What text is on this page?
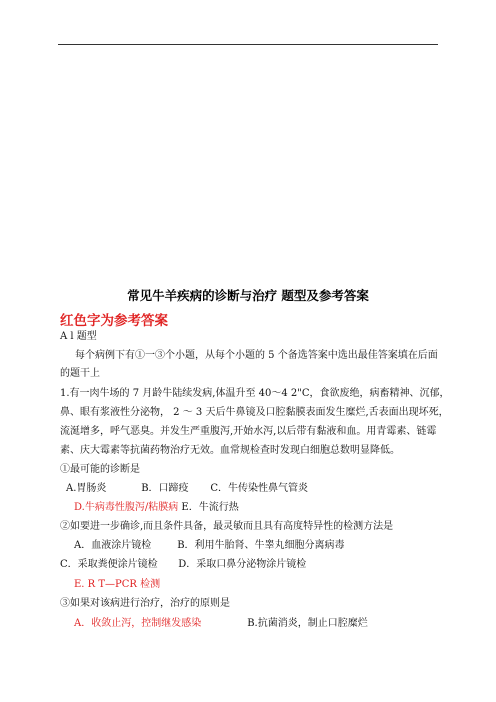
常见牛羊疾病的诊断与治疗 题型及参考答案
红色字为参考答案
A l 题型
每个病例下有①一③个小题，从每个小题的 5 个备选答案中选出最佳答案填在后面
的题干上
1.有一肉牛场的 7 月龄牛陆续发病,体温升至 40～4 2"C，食欲废绝，病畜精神、沉郁，
鼻、眼有浆液性分泌物， 2 ～ 3 天后牛鼻镜及口腔黏膜表面发生糜烂,舌表面出现坏死，
流涎增多，呼气恶臭。并发生严重腹泻,开始水泻,以后带有黏液和血。用青霉素、链霉
素、庆大霉素等抗菌药物治疗无效。血常规检查时发现白细胞总数明显降低。
①最可能的诊断是
A.胃肠炎	B．口蹄疫 C．牛传染性鼻气管炎
D.牛病毒性腹泻/粘膜病 E．牛流行热
②如要进一步确诊,而且条件具备，最灵敏而且具有高度特异性的检测方法是
A．血液涂片镜检	B．利用牛胎肾、牛睾丸细胞分离病毒
C．采取粪便涂片镜检 D．采取口鼻分泌物涂片镜检
E. R T—PCR 检测
③如果对该病进行治疗，治疗的原则是
A．收敛止泻，控制继发感染	B.抗菌消炎，制止口腔糜烂
